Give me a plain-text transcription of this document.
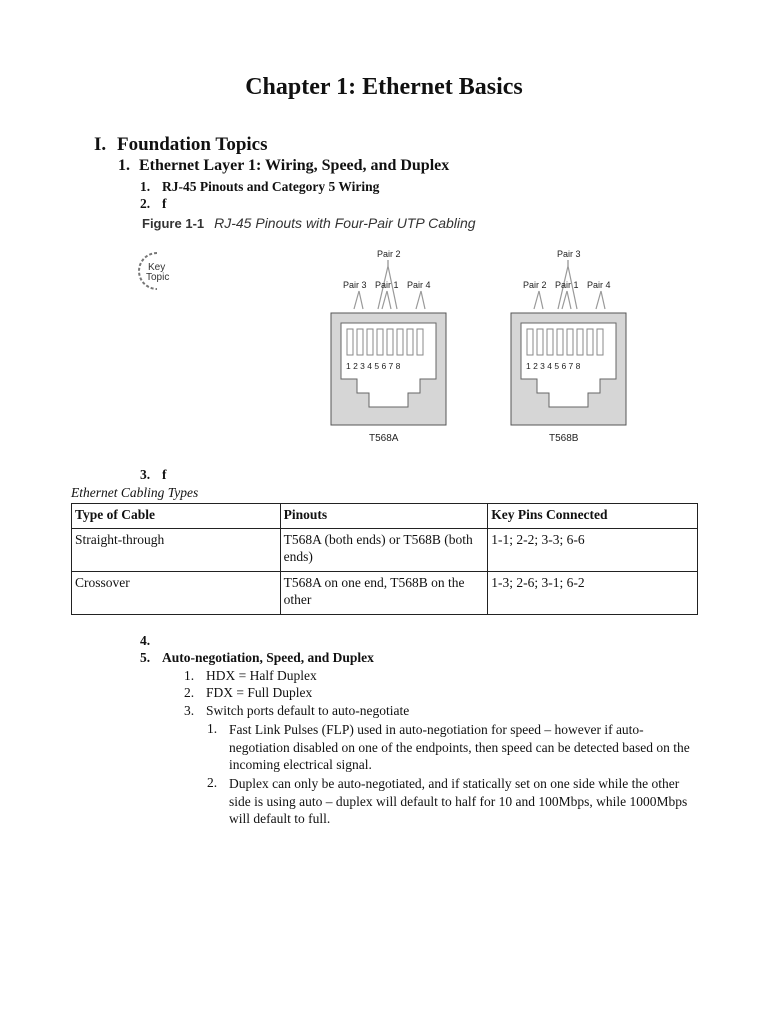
Chapter 1: Ethernet Basics
I. Foundation Topics
1. Ethernet Layer 1: Wiring, Speed, and Duplex
1. RJ-45 Pinouts and Category 5 Wiring
2. f
Figure 1-1 RJ-45 Pinouts with Four-Pair UTP Cabling
Key
Topic
Pair 2
Pair 3 Pair 1 Pair 4
1 2 3 4 5 6 7 8
T568A
Pair 3
Pair 2 Pair 1 Pair 4
1 2 3 4 5 6 7 8
T568B
3. f
Ethernet Cabling Types
Type of Cable	Pinouts	Key Pins Connected
Straight-through	T568A (both ends) or T568B (both ends)	1-1; 2-2; 3-3; 6-6
Crossover	T568A on one end, T568B on the other	1-3; 2-6; 3-1; 6-2
4.
5. Auto-negotiation, Speed, and Duplex
1. HDX = Half Duplex
2. FDX = Full Duplex
3. Switch ports default to auto-negotiate
1. Fast Link Pulses (FLP) used in auto-negotiation for speed – however if auto-negotiation disabled on one of the endpoints, then speed can be detected based on the incoming electrical signal.
2. Duplex can only be auto-negotiated, and if statically set on one side while the other side is using auto – duplex will default to half for 10 and 100Mbps, while 1000Mbps will default to full.
